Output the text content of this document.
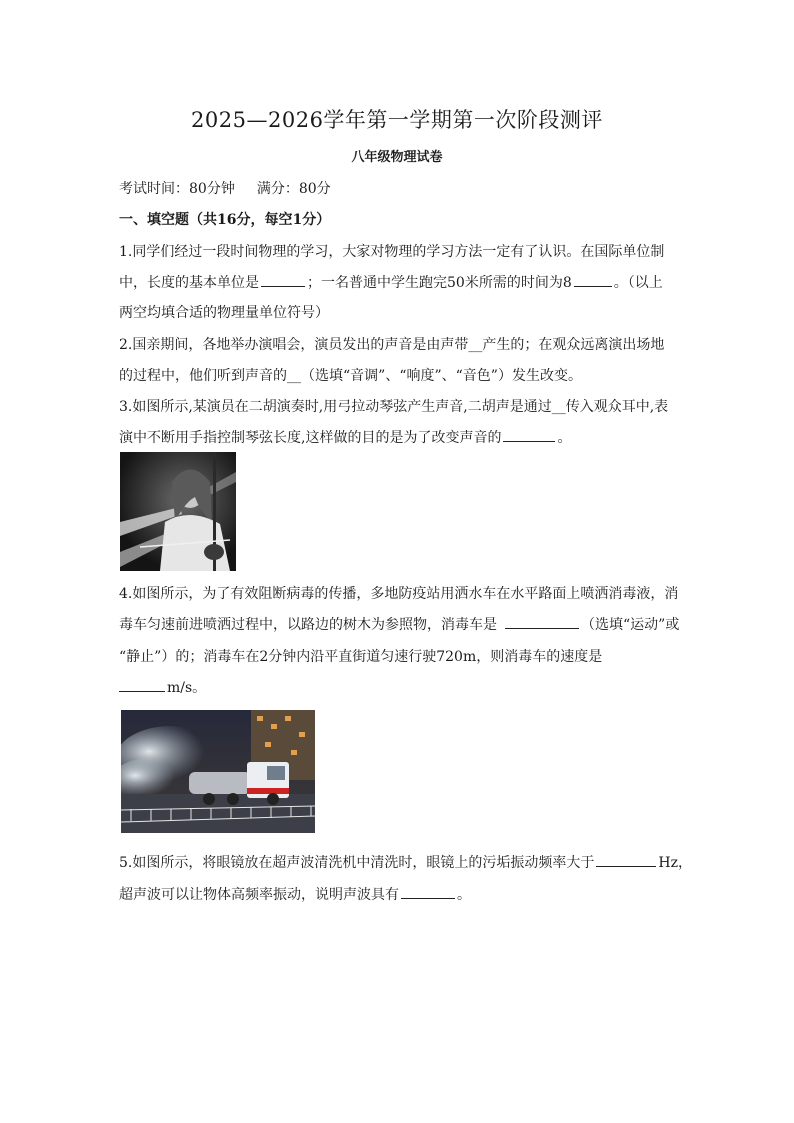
2025—2026学年第一学期第一次阶段测评
八年级物理试卷
考试时间：80分钟 满分：80分
一、填空题（共16分，每空1分）
1.同学们经过一段时间物理的学习，大家对物理的学习方法一定有了认识。在国际单位制
中，长度的基本单位是	；一名普通中学生跑完50米所需的时间为8	。（以上
两空均填合适的物理量单位符号）
2.国亲期间，各地举办演唱会，演员发出的声音是由声带__产生的；在观众远离演出场地
的过程中，他们听到声音的__（选填“音调”、“响度”、“音色”）发生改变。
3.如图所示,某演员在二胡演奏时,用弓拉动琴弦产生声音,二胡声是通过__传入观众耳中,表
演中不断用手指控制琴弦长度,这样做的目的是为了改变声音的	。
4.如图所示，为了有效阻断病毒的传播，多地防疫站用洒水车在水平路面上喷洒消毒液，消
毒车匀速前进喷洒过程中，以路边的树木为参照物，消毒车是	（选填“运动”或
“静止”）的；消毒车在2分钟内沿平直街道匀速行驶720m，则消毒车的速度是
m/s。
5.如图所示，将眼镜放在超声波清洗机中清洗时，眼镜上的污垢振动频率大于	Hz，
超声波可以让物体高频率振动，说明声波具有	。
